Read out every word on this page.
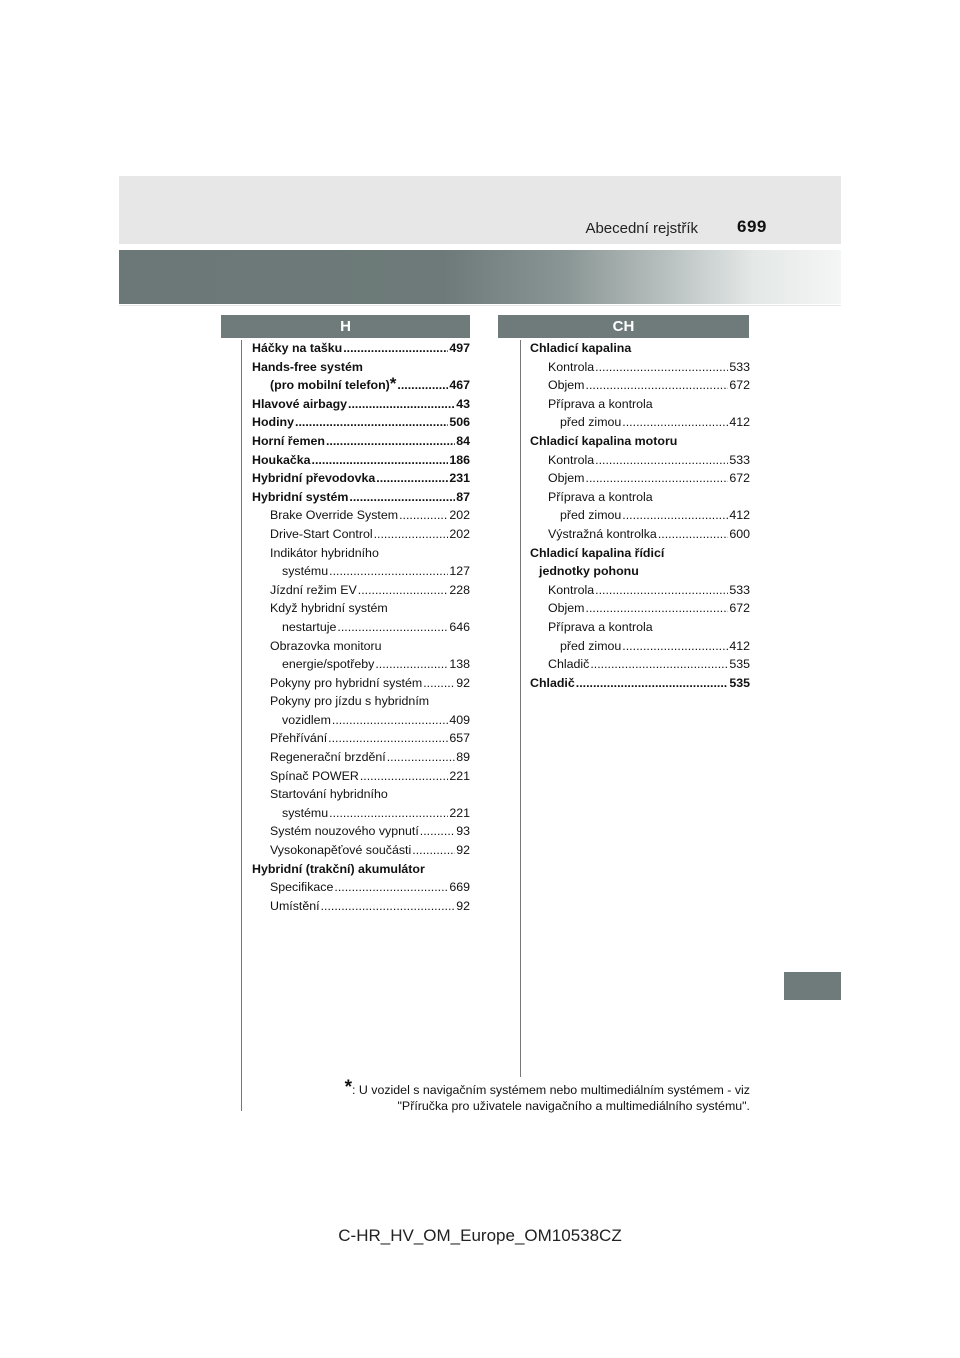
Abecední rejstřík 699
H	CH
Háčky na tašku .....	497
Hands-free systém
(pro mobilní telefon) * .....	467
Hlavové airbagy .....	43
Hodiny .....	506
Horní řemen .....	84
Houkačka .....	186
Hybridní převodovka .....	231
Hybridní systém .....	87
Brake Override System .....	202
Drive-Start Control .....	202
Indikátor hybridního
systému .....	127
Jízdní režim EV .....	228
Když hybridní systém
nestartuje .....	646
Obrazovka monitoru
energie/spotřeby .....	138
Pokyny pro hybridní systém .....	92
Pokyny pro jízdu s hybridním
vozidlem .....	409
Přehřívání .....	657
Regenerační brzdění .....	89
Spínač POWER .....	221
Startování hybridního
systému .....	221
Systém nouzového vypnutí .....	93
Vysokonapěťové součásti .....	92
Hybridní (trakční) akumulátor
Specifikace .....	669
Umístění .....	92
Chladicí kapalina
Kontrola .....	533
Objem .....	672
Příprava a kontrola
před zimou .....	412
Chladicí kapalina motoru
Kontrola .....	533
Objem .....	672
Příprava a kontrola
před zimou .....	412
Výstražná kontrolka .....	600
Chladicí kapalina řídicí
jednotky pohonu
Kontrola .....	533
Objem .....	672
Příprava a kontrola
před zimou .....	412
Chladič .....	535
Chladič .....	535
*: U vozidel s navigačním systémem nebo multimediálním systémem - viz
"Příručka pro uživatele navigačního a multimediálního systému".
C-HR_HV_OM_Europe_OM10538CZ
